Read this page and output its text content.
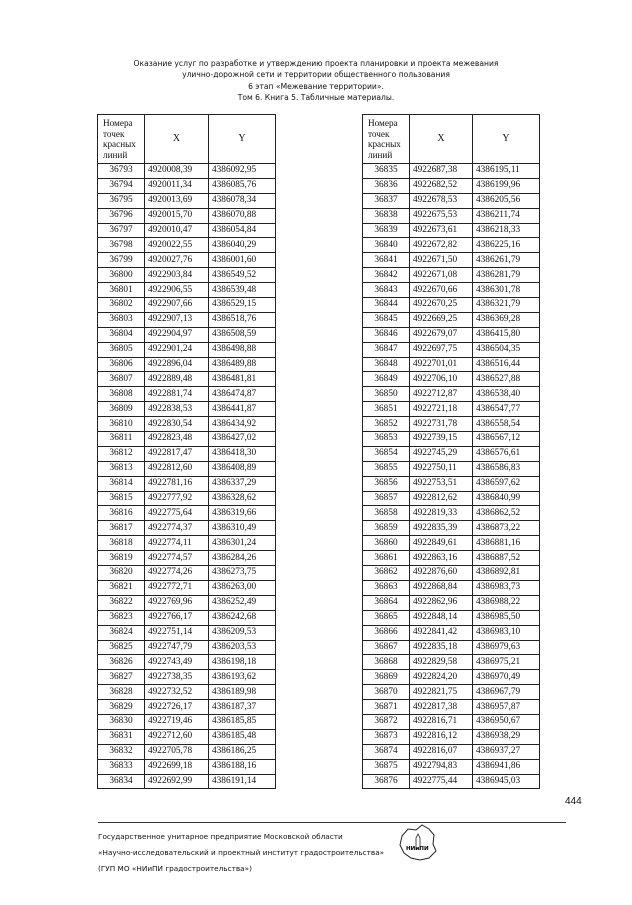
Оказание услуг по разработке и утверждению проекта планировки и проекта межевания
улично-дорожной сети и территории общественного пользования
6 этап «Межевание территории».
Том 6. Книга 5. Табличные материалы.
Номера точек красных линий	X	Y
36793	4920008,39	4386092,95
36794	4920011,34	4386085,76
36795	4920013,69	4386078,34
36796	4920015,70	4386070,88
36797	4920010,47	4386054,84
36798	4920022,55	4386040,29
36799	4920027,76	4386001,60
36800	4922903,84	4386549,52
36801	4922906,55	4386539,48
36802	4922907,66	4386529,15
36803	4922907,13	4386518,76
36804	4922904,97	4386508,59
36805	4922901,24	4386498,88
36806	4922896,04	4386489,88
36807	4922889,48	4386481,81
36808	4922881,74	4386474,87
36809	4922838,53	4386441,87
36810	4922830,54	4386434,92
36811	4922823,48	4386427,02
36812	4922817,47	4386418,30
36813	4922812,60	4386408,89
36814	4922781,16	4386337,29
36815	4922777,92	4386328,62
36816	4922775,64	4386319,66
36817	4922774,37	4386310,49
36818	4922774,11	4386301,24
36819	4922774,57	4386284,26
36820	4922774,26	4386273,75
36821	4922772,71	4386263,00
36822	4922769,96	4386252,49
36823	4922766,17	4386242,68
36824	4922751,14	4386209,53
36825	4922747,79	4386203,53
36826	4922743,49	4386198,18
36827	4922738,35	4386193,62
36828	4922732,52	4386189,98
36829	4922726,17	4386187,37
36830	4922719,46	4386185,85
36831	4922712,60	4386185,48
36832	4922705,78	4386186,25
36833	4922699,18	4386188,16
36834	4922692,99	4386191,14
Номера точек красных линий	X	Y
36835	4922687,38	4386195,11
36836	4922682,52	4386199,96
36837	4922678,53	4386205,56
36838	4922675,53	4386211,74
36839	4922673,61	4386218,33
36840	4922672,82	4386225,16
36841	4922671,50	4386261,79
36842	4922671,08	4386281,79
36843	4922670,66	4386301,78
36844	4922670,25	4386321,79
36845	4922669,25	4386369,28
36846	4922679,07	4386415,80
36847	4922697,75	4386504,35
36848	4922701,01	4386516,44
36849	4922706,10	4386527,88
36850	4922712,87	4386538,40
36851	4922721,18	4386547,77
36852	4922731,78	4386558,54
36853	4922739,15	4386567,12
36854	4922745,29	4386576,61
36855	4922750,11	4386586,83
36856	4922753,51	4386597,62
36857	4922812,62	4386840,99
36858	4922819,33	4386862,52
36859	4922835,39	4386873,22
36860	4922849,61	4386881,16
36861	4922863,16	4386887,52
36862	4922876,60	4386892,81
36863	4922868,84	4386983,73
36864	4922862,96	4386988,22
36865	4922848,14	4386985,50
36866	4922841,42	4386983,10
36867	4922835,18	4386979,63
36868	4922829,58	4386975,21
36869	4922824,20	4386970,49
36870	4922821,75	4386967,79
36871	4922817,38	4386957,87
36872	4922816,71	4386950,67
36873	4922816,12	4386938,29
36874	4922816,07	4386937,27
36875	4922794,83	4386941,86
36876	4922775,44	4386945,03
444
Государственное унитарное предприятие Московской области
«Научно-исследовательский и проектный институт градостроительства»
(ГУП МО «НИиПИ градостроительства»)
НИиПИ
